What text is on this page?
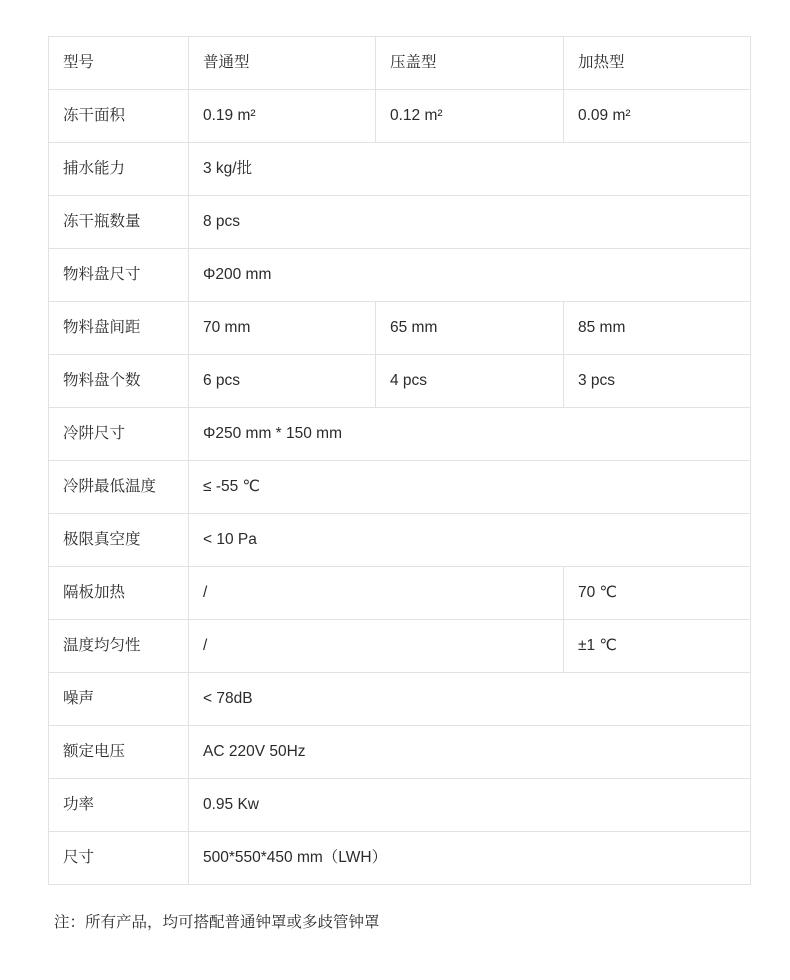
型号	普通型	压盖型	加热型
冻干面积	0.19 m²	0.12 m²	0.09 m²
捕水能力	3 kg/批		
冻干瓶数量	8 pcs		
物料盘尺寸	Φ200 mm		
物料盘间距	70 mm	65 mm	85 mm
物料盘个数	6 pcs	4 pcs	3 pcs
冷阱尺寸	Φ250 mm * 150 mm		
冷阱最低温度	≤ -55 ℃		
极限真空度	< 10 Pa		
隔板加热	/		70 ℃
温度均匀性	/		±1 ℃
噪声	< 78dB		
额定电压	AC 220V 50Hz		
功率	0.95 Kw		
尺寸	500*550*450 mm（LWH）		
注：所有产品，均可搭配普通钟罩或多歧管钟罩
